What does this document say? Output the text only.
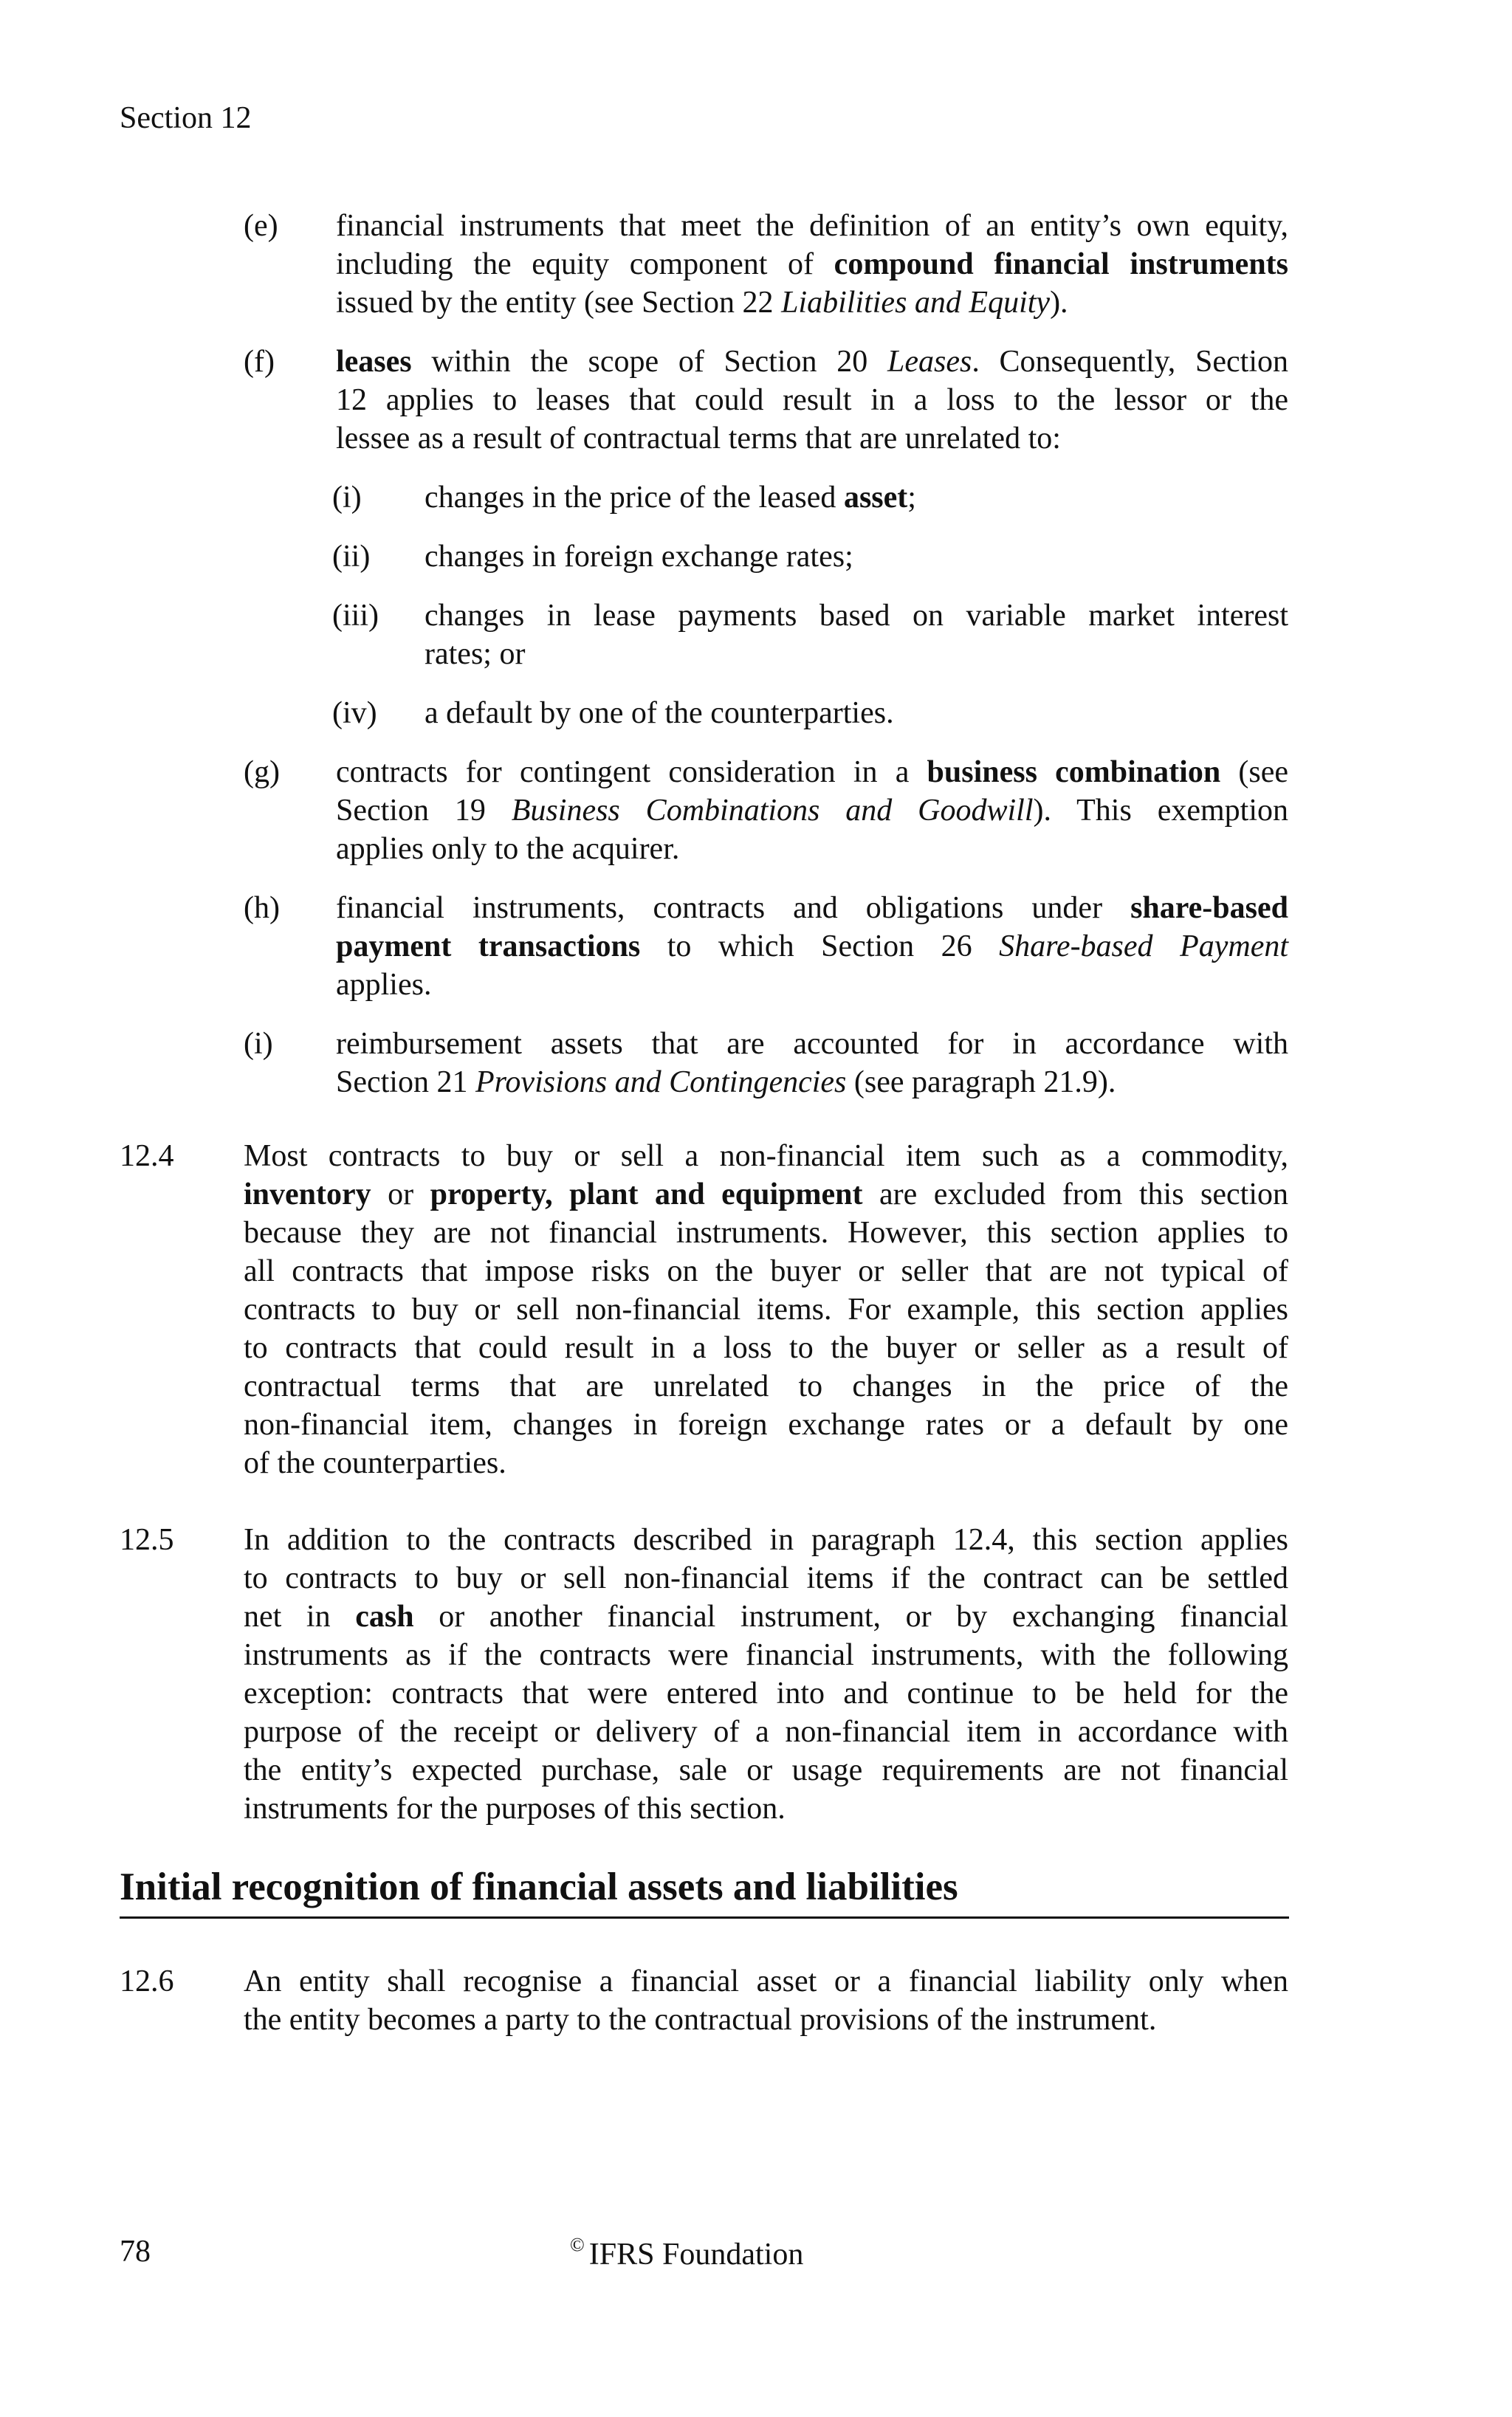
Section 12
(e) financial instruments that meet the definition of an entity’s own equity,
including the equity component of compound financial instruments
issued by the entity (see Section 22 Liabilities and Equity).
(f) leases within the scope of Section 20 Leases. Consequently, Section
12 applies to leases that could result in a loss to the lessor or the
lessee as a result of contractual terms that are unrelated to:
(i) changes in the price of the leased asset;
(ii) changes in foreign exchange rates;
(iii) changes in lease payments based on variable market interest
rates; or
(iv) a default by one of the counterparties.
(g) contracts for contingent consideration in a business combination (see
Section 19 Business Combinations and Goodwill). This exemption
applies only to the acquirer.
(h) financial instruments, contracts and obligations under share-based
payment transactions to which Section 26 Share-based Payment
applies.
(i) reimbursement assets that are accounted for in accordance with
Section 21 Provisions and Contingencies (see paragraph 21.9).
12.4 Most contracts to buy or sell a non-financial item such as a commodity,
inventory or property, plant and equipment are excluded from this section
because they are not financial instruments. However, this section applies to
all contracts that impose risks on the buyer or seller that are not typical of
contracts to buy or sell non-financial items. For example, this section applies
to contracts that could result in a loss to the buyer or seller as a result of
contractual terms that are unrelated to changes in the price of the
non-financial item, changes in foreign exchange rates or a default by one
of the counterparties.
12.5 In addition to the contracts described in paragraph 12.4, this section applies
to contracts to buy or sell non-financial items if the contract can be settled
net in cash or another financial instrument, or by exchanging financial
instruments as if the contracts were financial instruments, with the following
exception: contracts that were entered into and continue to be held for the
purpose of the receipt or delivery of a non-financial item in accordance with
the entity’s expected purchase, sale or usage requirements are not financial
instruments for the purposes of this section.
Initial recognition of financial assets and liabilities
12.6 An entity shall recognise a financial asset or a financial liability only when
the entity becomes a party to the contractual provisions of the instrument.
78	© IFRS Foundation
